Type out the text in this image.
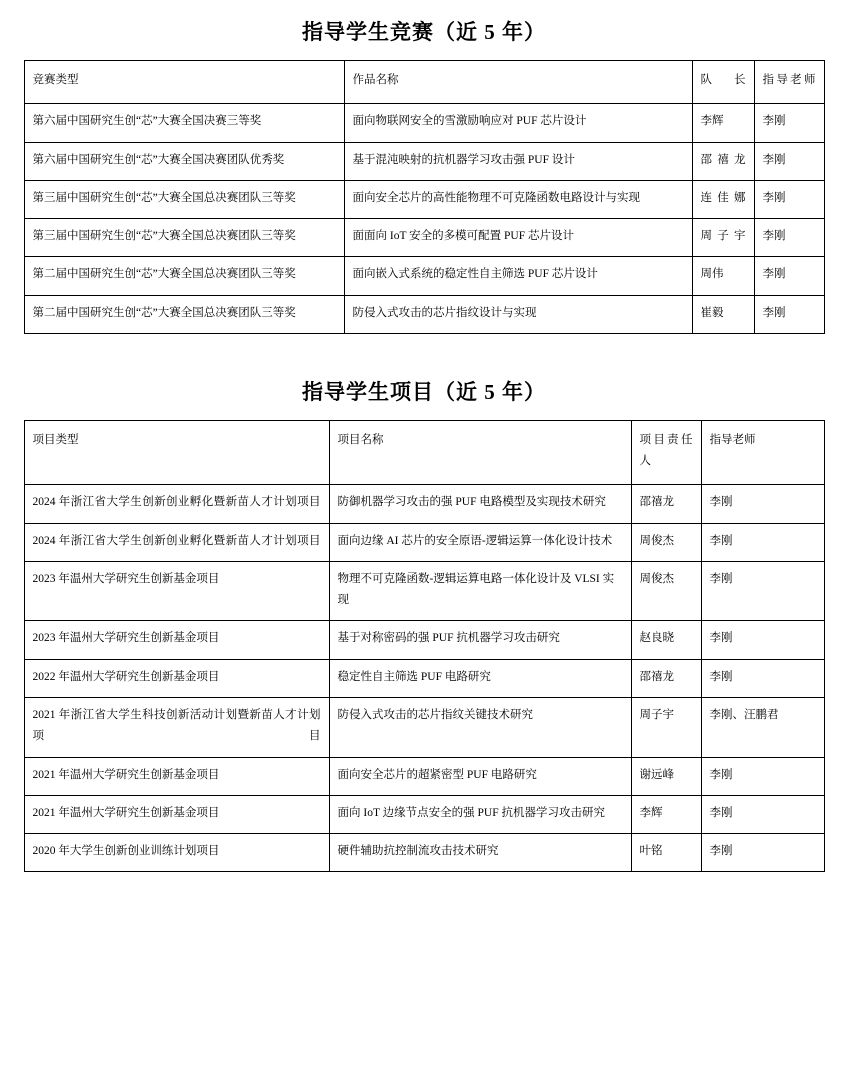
指导学生竞赛（近 5 年）
竞赛类型	作品名称	队长	指导老师
第六届中国研究生创“芯”大赛全国决赛三等奖	面向物联网安全的雪激励响应对 PUF 芯片设计	李辉	李刚
第六届中国研究生创“芯”大赛全国决赛团队优秀奖	基于混沌映射的抗机器学习攻击强 PUF 设计	邵禧龙	李刚
第三届中国研究生创“芯”大赛全国总决赛团队三等奖	面向安全芯片的高性能物理不可克隆函数电路设计与实现	连佳娜	李刚
第三届中国研究生创“芯”大赛全国总决赛团队三等奖	面面向 IoT 安全的多模可配置 PUF 芯片设计	周子宇	李刚
第二届中国研究生创“芯”大赛全国总决赛团队三等奖	面向嵌入式系统的稳定性自主筛选 PUF 芯片设计	周伟	李刚
第二届中国研究生创“芯”大赛全国总决赛团队三等奖	防侵入式攻击的芯片指纹设计与实现	崔毅	李刚
指导学生项目（近 5 年）
项目类型	项目名称	项目责任人	指导老师
2024 年浙江省大学生创新创业孵化暨新苗人才计划项目	防御机器学习攻击的强 PUF 电路模型及实现技术研究	邵禧龙	李刚
2024 年浙江省大学生创新创业孵化暨新苗人才计划项目	面向边缘 AI 芯片的安全原语-逻辑运算一体化设计技术	周俊杰	李刚
2023 年温州大学研究生创新基金项目	物理不可克隆函数-逻辑运算电路一体化设计及 VLSI 实现	周俊杰	李刚
2023 年温州大学研究生创新基金项目	基于对称密码的强 PUF 抗机器学习攻击研究	赵良晓	李刚
2022 年温州大学研究生创新基金项目	稳定性自主筛选 PUF 电路研究	邵禧龙	李刚
2021 年浙江省大学生科技创新活动计划暨新苗人才计划项目	防侵入式攻击的芯片指纹关键技术研究	周子宇	李刚、汪鹏君
2021 年温州大学研究生创新基金项目	面向安全芯片的超紧密型 PUF 电路研究	谢远峰	李刚
2021 年温州大学研究生创新基金项目	面向 IoT 边缘节点安全的强 PUF 抗机器学习攻击研究	李辉	李刚
2020 年大学生创新创业训练计划项目	硬件辅助抗控制流攻击技术研究	叶铭	李刚
